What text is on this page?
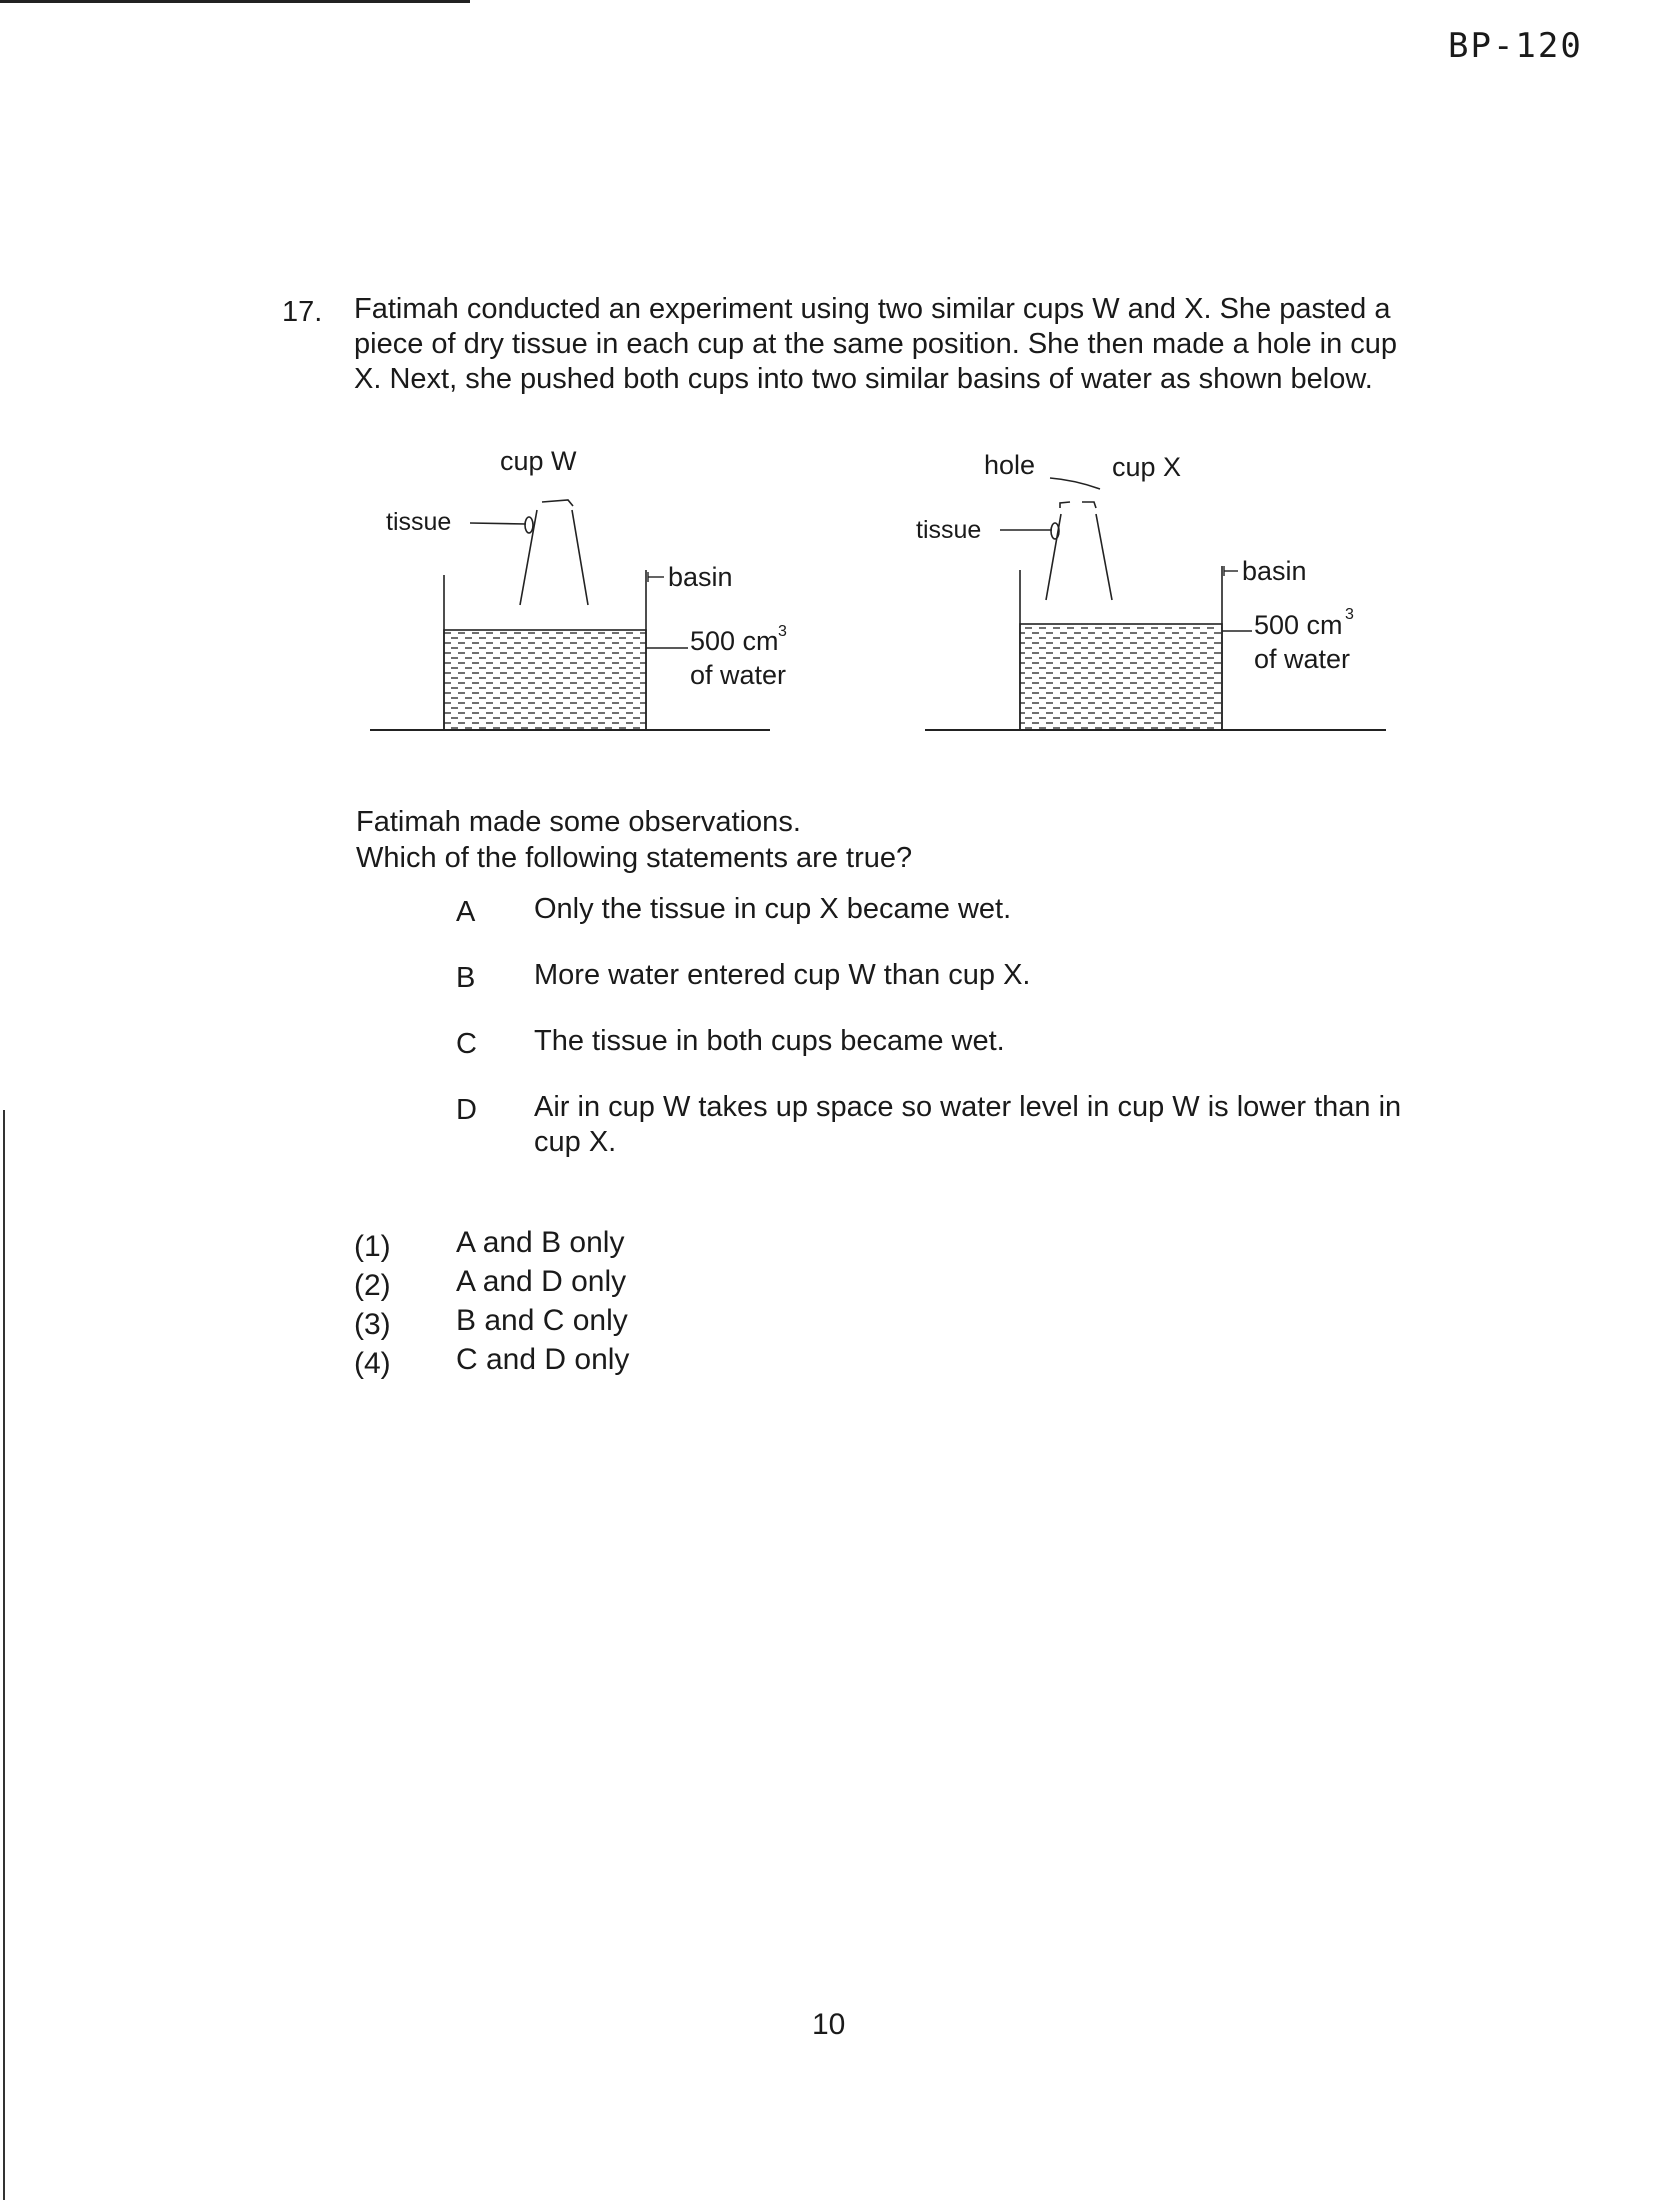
BP-120
17. Fatimah conducted an experiment using two similar cups W and X. She pasted a

piece of dry tissue in each cup at the same position. She then made a hole in cup

X. Next, she pushed both cups into two similar basins of water as shown below.

cup W
tissue
basin
500 cm 3
of water
hole	cup X
tissue
basin
500 cm 3
of water

Fatimah made some observations.

Which of the following statements are true?

A Only the tissue in cup X became wet.
B More water entered cup W than cup X.
C The tissue in both cups became wet.
D Air in cup W takes up space so water level in cup W is lower than in cup X.
(1) A and B only
(2) A and D only
(3) B and C only
(4) C and D only
10
